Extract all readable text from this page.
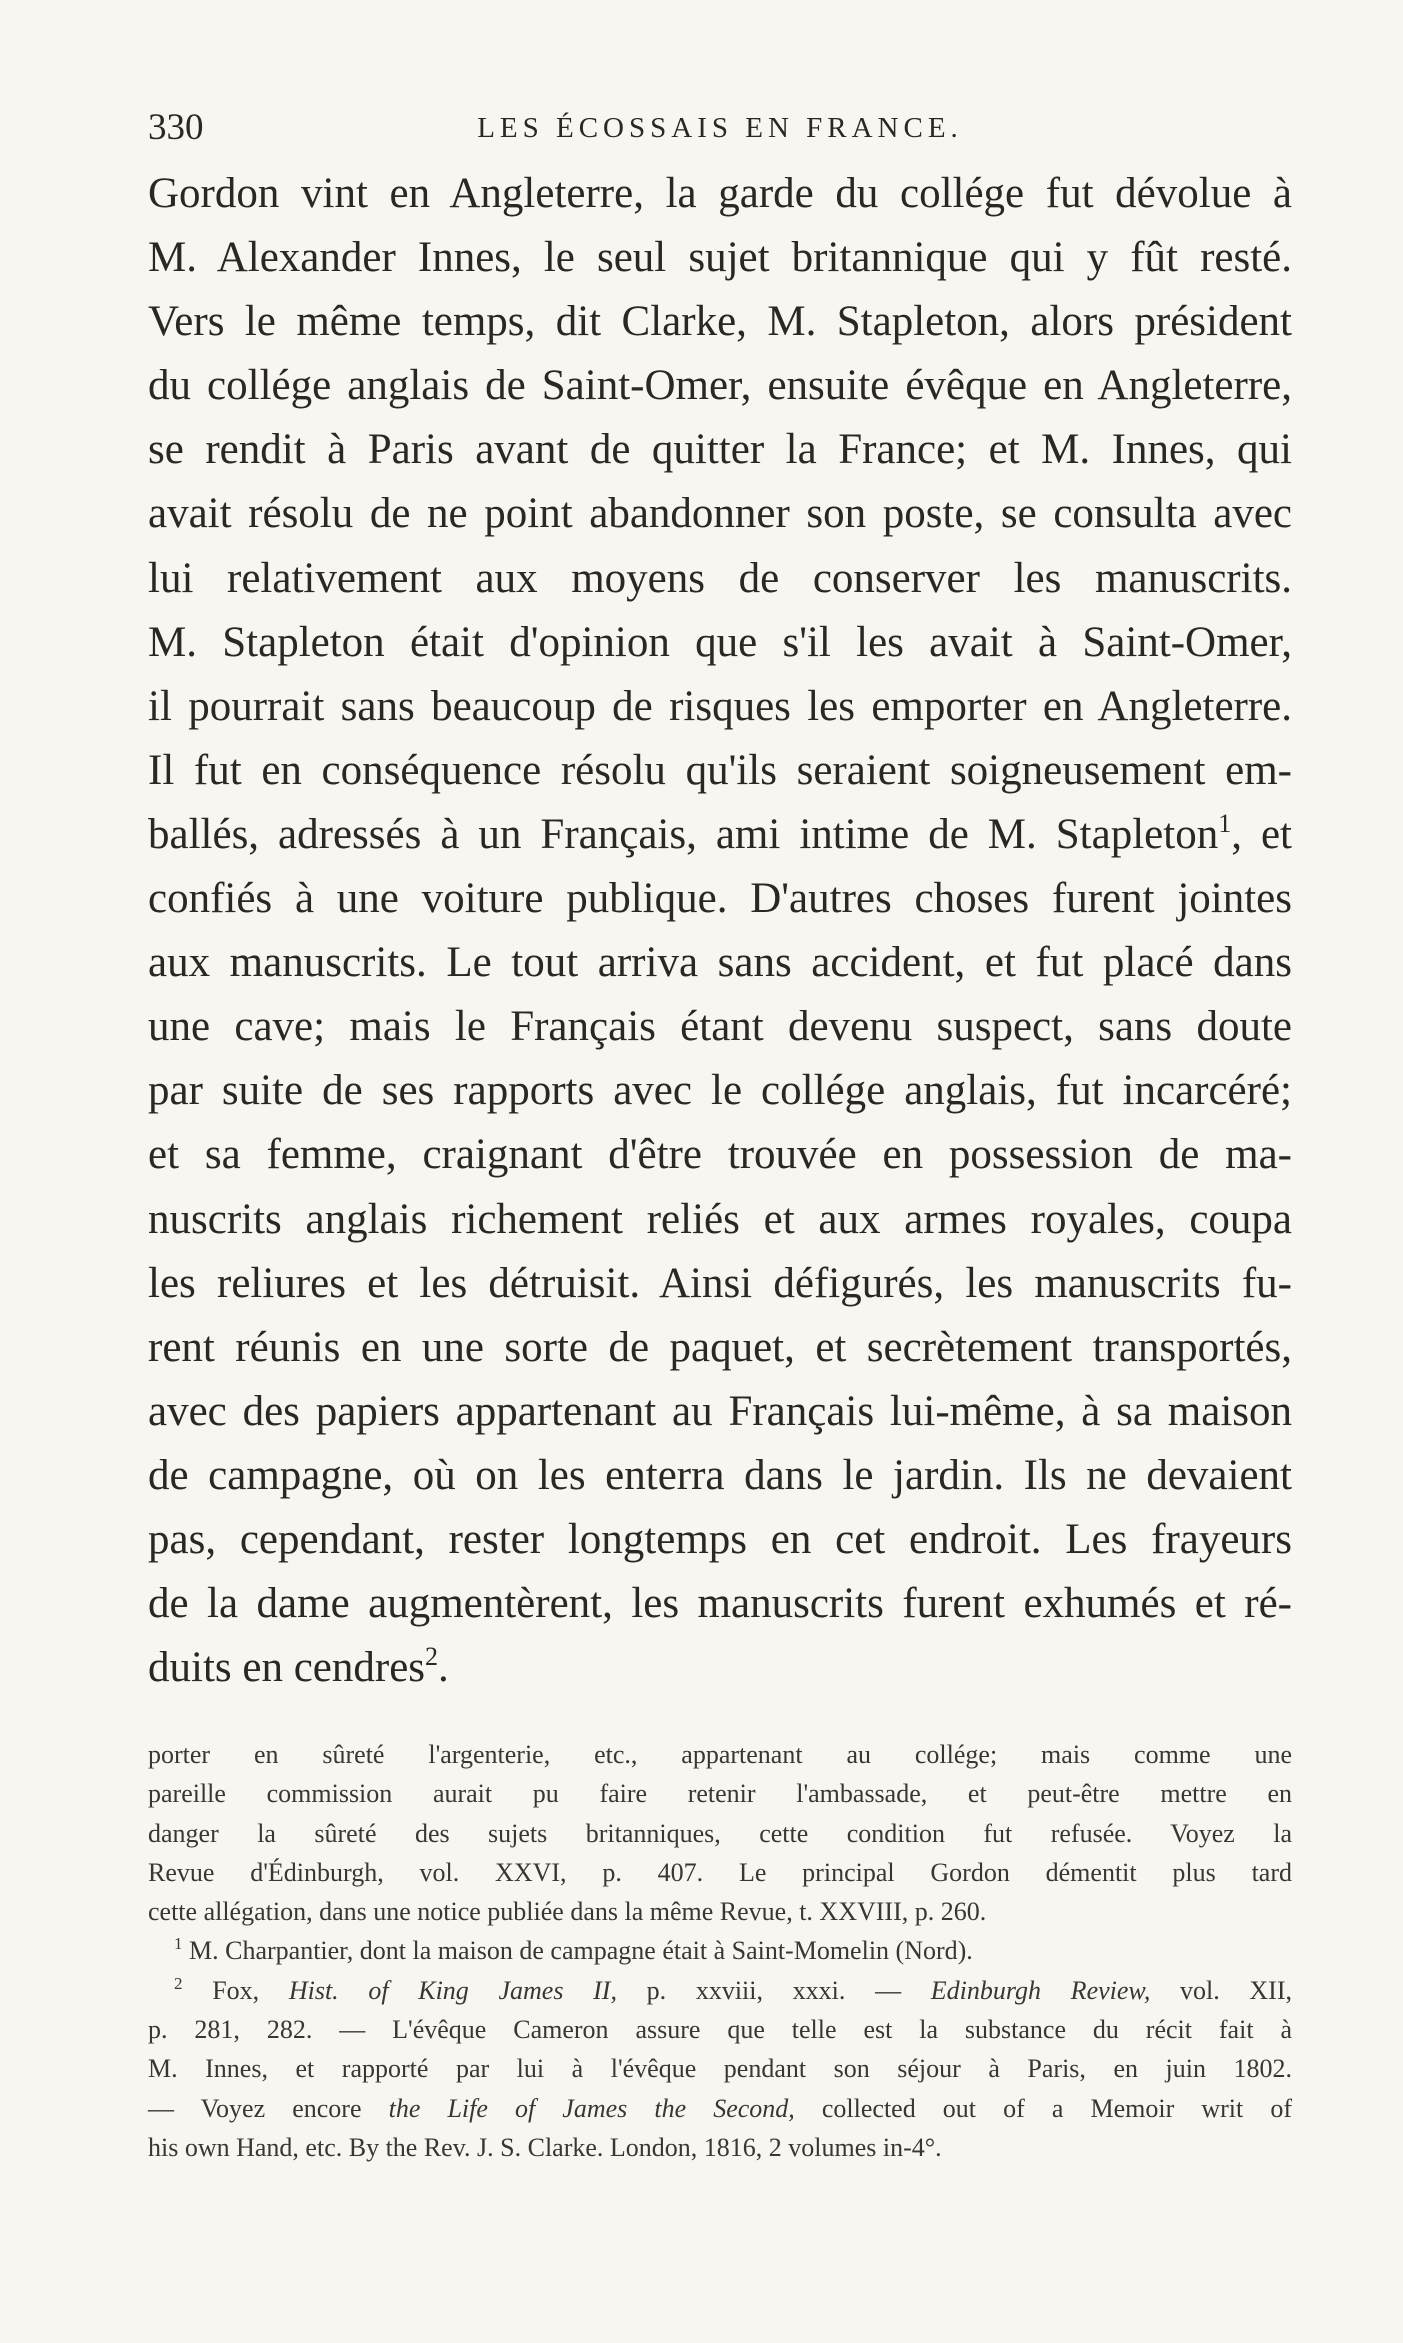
330	LES ÉCOSSAIS EN FRANCE.
Gordon vint en Angleterre, la garde du collége fut dévolue à
M. Alexander Innes, le seul sujet britannique qui y fût resté.
Vers le même temps, dit Clarke, M. Stapleton, alors président
du collége anglais de Saint-Omer, ensuite évêque en Angleterre,
se rendit à Paris avant de quitter la France; et M. Innes, qui
avait résolu de ne point abandonner son poste, se consulta avec
lui relativement aux moyens de conserver les manuscrits.
M. Stapleton était d'opinion que s'il les avait à Saint-Omer,
il pourrait sans beaucoup de risques les emporter en Angleterre.
Il fut en conséquence résolu qu'ils seraient soigneusement em-
ballés, adressés à un Français, ami intime de M. Stapleton$^1$, et
confiés à une voiture publique. D'autres choses furent jointes
aux manuscrits. Le tout arriva sans accident, et fut placé dans
une cave; mais le Français étant devenu suspect, sans doute
par suite de ses rapports avec le collége anglais, fut incarcéré;
et sa femme, craignant d'être trouvée en possession de ma-
nuscrits anglais richement reliés et aux armes royales, coupa
les reliures et les détruisit. Ainsi défigurés, les manuscrits fu-
rent réunis en une sorte de paquet, et secrètement transportés,
avec des papiers appartenant au Français lui-même, à sa maison
de campagne, où on les enterra dans le jardin. Ils ne devaient
pas, cependant, rester longtemps en cet endroit. Les frayeurs
de la dame augmentèrent, les manuscrits furent exhumés et ré-
duits en cendres$^2$.
porter en sûreté l'argenterie, etc., appartenant au collége; mais comme une
pareille commission aurait pu faire retenir l'ambassade, et peut-être mettre en
danger la sûreté des sujets britanniques, cette condition fut refusée. Voyez la
Revue d'Édinburgh, vol. XXVI, p. 407. Le principal Gordon démentit plus tard
cette allégation, dans une notice publiée dans la même Revue, t. XXVIII, p. 260.
$^1$ M. Charpantier, dont la maison de campagne était à Saint-Momelin (Nord).
$^2$ Fox, Hist. of King James II, p. xxviii, xxxi. — Edinburgh Review, vol. XII,
p. 281, 282. — L'évêque Cameron assure que telle est la substance du récit fait à
M. Innes, et rapporté par lui à l'évêque pendant son séjour à Paris, en juin 1802.
— Voyez encore the Life of James the Second, collected out of a Memoir writ of
his own Hand, etc. By the Rev. J. S. Clarke. London, 1816, 2 volumes in-4°.
